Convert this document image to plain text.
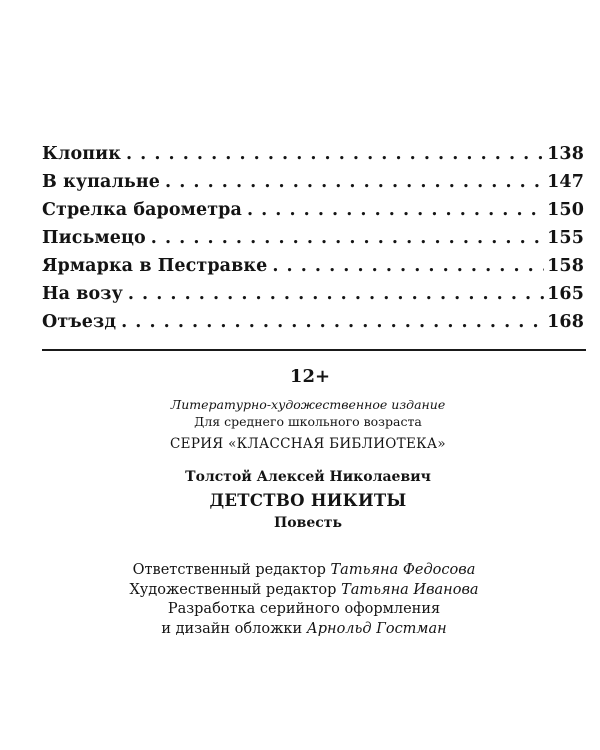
Клопик . . .	138
В купальне . . .	147
Стрелка барометра . . .	150
Письмецо . . .	155
Ярмарка в Пестравке . . .	158
На возу . . .	165
Отъезд . . .	168
12+
Литературно-художественное издание
Для среднего школьного возраста
СЕРИЯ «КЛАССНАЯ БИБЛИОТЕКА»
Толстой Алексей Николаевич
ДЕТСТВО НИКИТЫ
Повесть
Ответственный редактор Татьяна Федосова
Художественный редактор Татьяна Иванова
Разработка серийного оформления
и дизайн обложки Арнольд Гостман
